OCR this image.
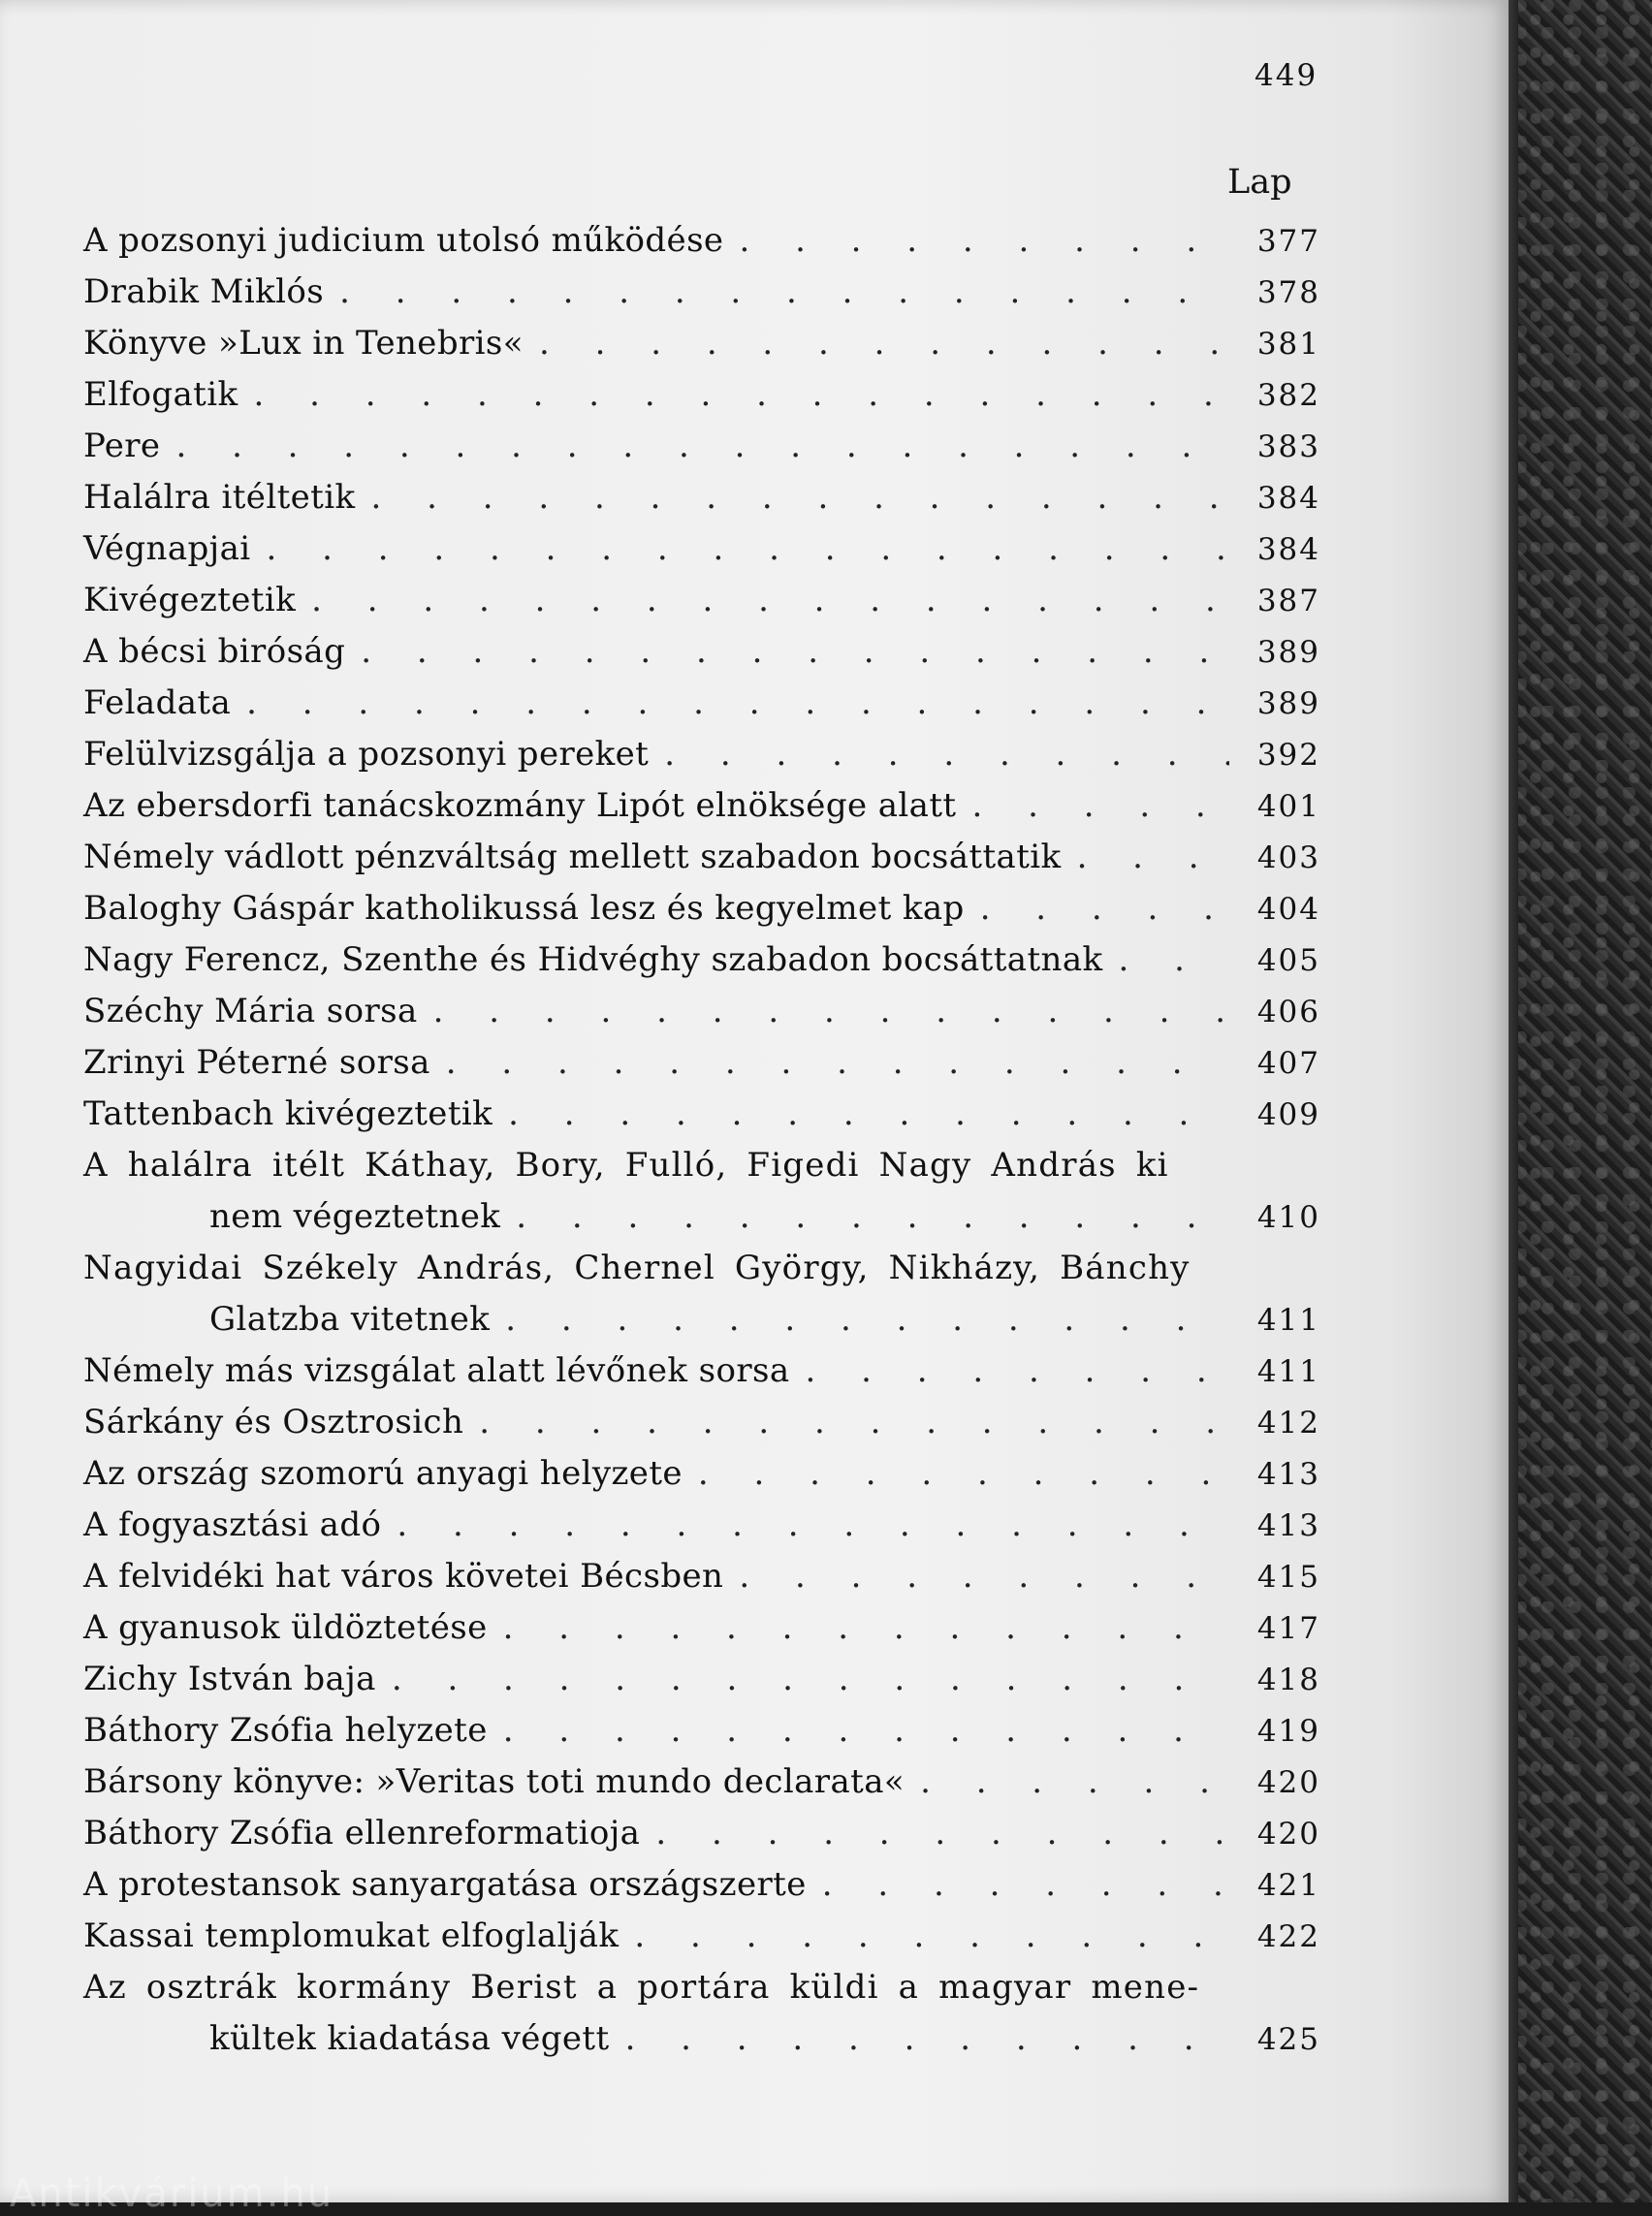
449
Lap
A pozsonyi judicium utolsó működése . . .	377
Drabik Miklós . . .	378
Könyve »Lux in Tenebris« . . .	381
Elfogatik . . .	382
Pere . . .	383
Halálra itéltetik . . .	384
Végnapjai . . .	384
Kivégeztetik . . .	387
A bécsi biróság . . .	389
Feladata . . .	389
Felülvizsgálja a pozsonyi pereket . . .	392
Az ebersdorfi tanácskozmány Lipót elnöksége alatt . . .	401
Némely vádlott pénzváltság mellett szabadon bocsáttatik . . .	403
Baloghy Gáspár katholikussá lesz és kegyelmet kap . . .	404
Nagy Ferencz, Szenthe és Hidvéghy szabadon bocsáttatnak . . .	405
Széchy Mária sorsa . . .	406
Zrinyi Péterné sorsa . . .	407
Tattenbach kivégeztetik . . .	409
A halálra itélt Káthay, Bory, Fulló, Figedi Nagy András ki
nem végeztetnek . . .	410
Nagyidai Székely András, Chernel György, Nikházy, Bánchy
Glatzba vitetnek . . .	411
Némely más vizsgálat alatt lévőnek sorsa . . .	411
Sárkány és Osztrosich . . .	412
Az ország szomorú anyagi helyzete . . .	413
A fogyasztási adó . . .	413
A felvidéki hat város követei Bécsben . . .	415
A gyanusok üldöztetése . . .	417
Zichy István baja . . .	418
Báthory Zsófia helyzete . . .	419
Bársony könyve: »Veritas toti mundo declarata« . . .	420
Báthory Zsófia ellenreformatioja . . .	420
A protestansok sanyargatása országszerte . . .	421
Kassai templomukat elfoglalják . . .	422
Az osztrák kormány Berist a portára küldi a magyar mene-
kültek kiadatása végett . . .	425
Antikvárium.hu
